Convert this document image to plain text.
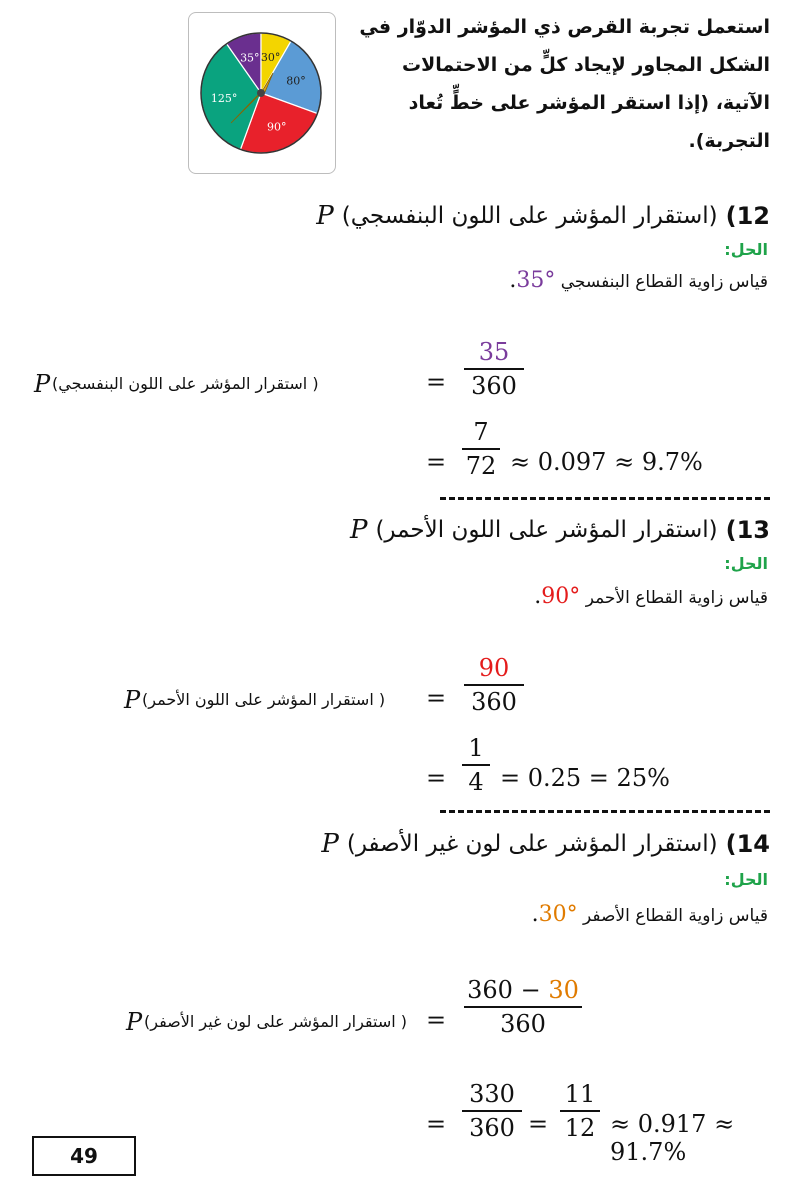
استعمل تجربة القرص ذي المؤشر الدوّار في
الشكل المجاور لإيجاد كلٍّ من الاحتمالات
الآتية، (إذا استقر المؤشر على خطٍّ تُعاد التجربة).
35° 30°
80°
90°
125°
12)
(استقرار المؤشر على اللون البنفسجي)
P
الحل:
قياس زاوية القطاع البنفسجي °35.
P ( استقرار المؤشر على اللون البنفسجي)	=
35
360
=
7
72 ≈ 0.097 ≈ 9.7%
13)
(استقرار المؤشر على اللون الأحمر)
P
الحل:
قياس زاوية القطاع الأحمر °90.
P ( استقرار المؤشر على اللون الأحمر) =
90
360
=
1
4 = 0.25 = 25%
14)
(استقرار المؤشر على لون غير الأصفر)
P
الحل:
قياس زاوية القطاع الأصفر °30.
P ( استقرار المؤشر على لون غير الأصفر) =
360 − 30
360
=
330
360 =
11
12 ≈ 0.917 ≈ 91.7%
49
